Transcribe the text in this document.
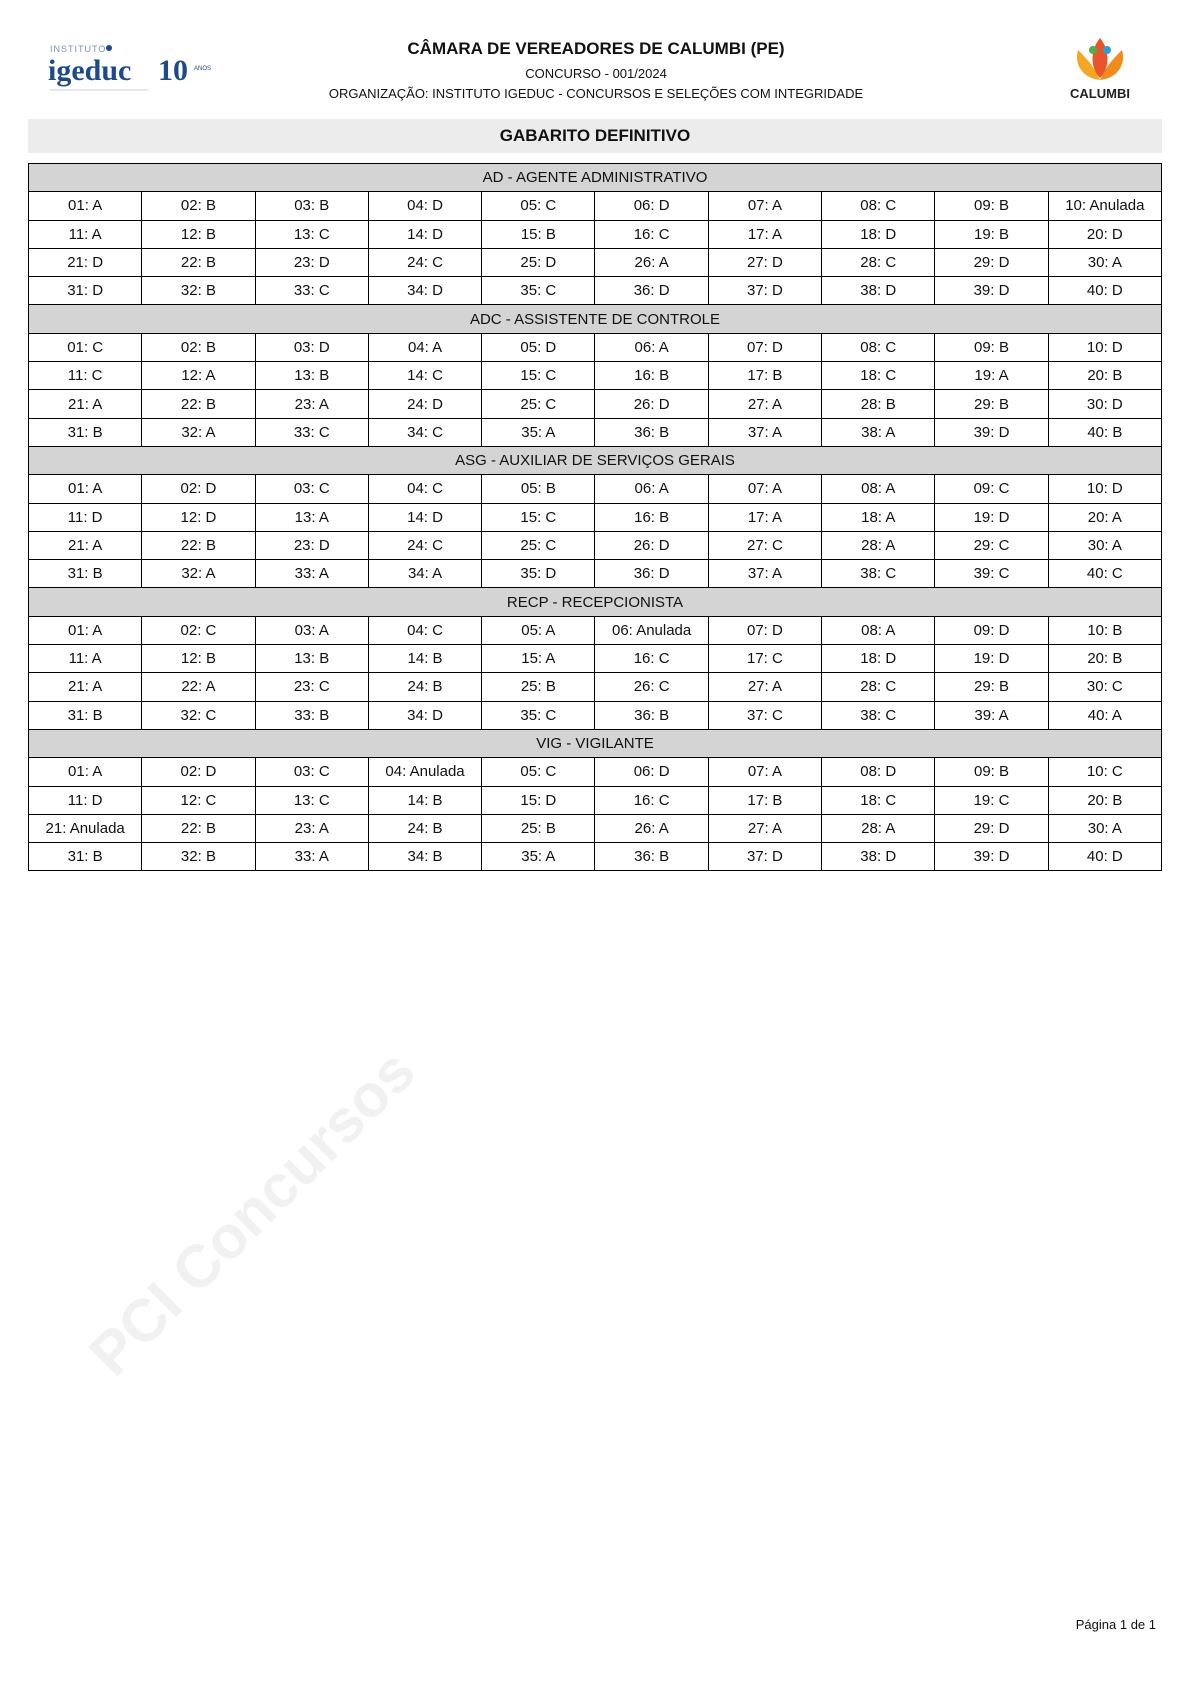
INSTITUTO
igeduc 10 ANOS
CÂMARA DE VEREADORES DE CALUMBI (PE)
CONCURSO - 001/2024
ORGANIZAÇÃO: INSTITUTO IGEDUC - CONCURSOS E SELEÇÕES COM INTEGRIDADE	CALUMBI
GABARITO DEFINITIVO
AD - AGENTE ADMINISTRATIVO									
01: A	02: B	03: B	04: D	05: C	06: D	07: A	08: C	09: B	10: Anulada
11: A	12: B	13: C	14: D	15: B	16: C	17: A	18: D	19: B	20: D
21: D	22: B	23: D	24: C	25: D	26: A	27: D	28: C	29: D	30: A
31: D	32: B	33: C	34: D	35: C	36: D	37: D	38: D	39: D	40: D
ADC - ASSISTENTE DE CONTROLE									
01: C	02: B	03: D	04: A	05: D	06: A	07: D	08: C	09: B	10: D
11: C	12: A	13: B	14: C	15: C	16: B	17: B	18: C	19: A	20: B
21: A	22: B	23: A	24: D	25: C	26: D	27: A	28: B	29: B	30: D
31: B	32: A	33: C	34: C	35: A	36: B	37: A	38: A	39: D	40: B
ASG - AUXILIAR DE SERVIÇOS GERAIS									
01: A	02: D	03: C	04: C	05: B	06: A	07: A	08: A	09: C	10: D
11: D	12: D	13: A	14: D	15: C	16: B	17: A	18: A	19: D	20: A
21: A	22: B	23: D	24: C	25: C	26: D	27: C	28: A	29: C	30: A
31: B	32: A	33: A	34: A	35: D	36: D	37: A	38: C	39: C	40: C
RECP - RECEPCIONISTA									
01: A	02: C	03: A	04: C	05: A	06: Anulada	07: D	08: A	09: D	10: B
11: A	12: B	13: B	14: B	15: A	16: C	17: C	18: D	19: D	20: B
21: A	22: A	23: C	24: B	25: B	26: C	27: A	28: C	29: B	30: C
31: B	32: C	33: B	34: D	35: C	36: B	37: C	38: C	39: A	40: A
VIG - VIGILANTE									
01: A	02: D	03: C	04: Anulada	05: C	06: D	07: A	08: D	09: B	10: C
11: D	12: C	13: C	14: B	15: D	16: C	17: B	18: C	19: C	20: B
21: Anulada	22: B	23: A	24: B	25: B	26: A	27: A	28: A	29: D	30: A
31: B	32: B	33: A	34: B	35: A	36: B	37: D	38: D	39: D	40: D
PCI Concursos
Página 1 de 1
